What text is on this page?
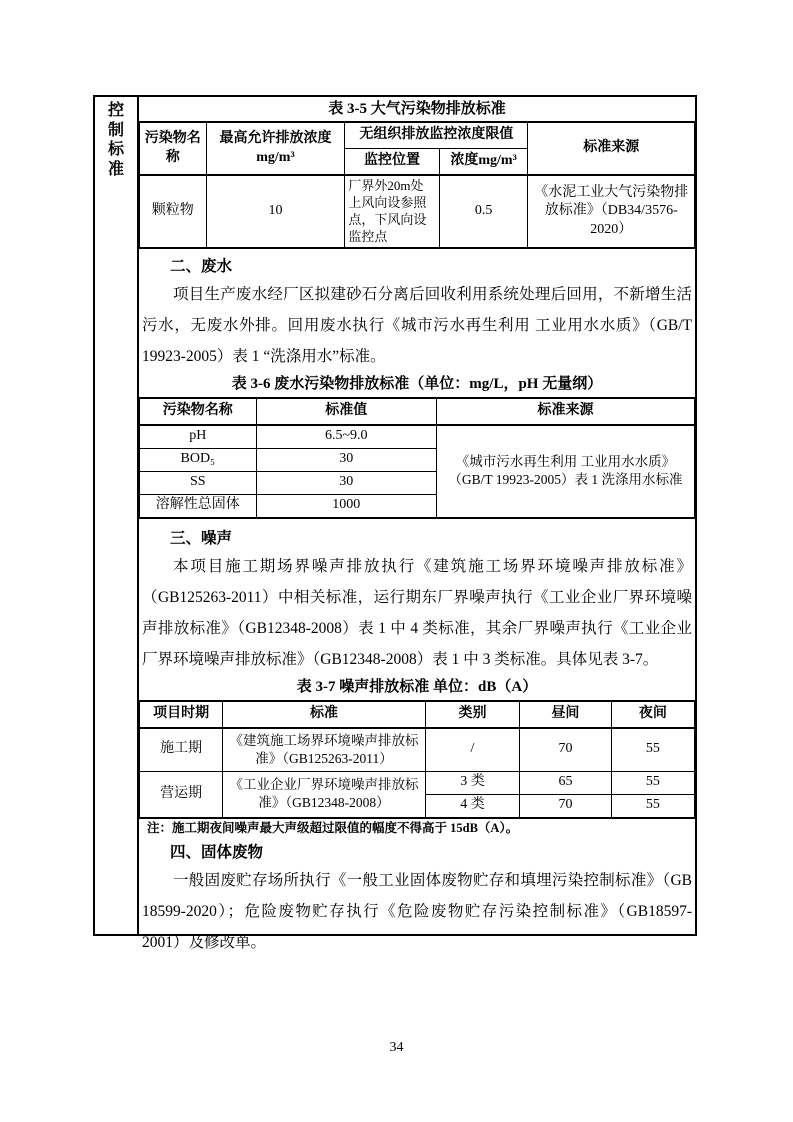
控制标准
表 3-5 大气污染物排放标准
污染物名称	最高允许排放浓度mg/m³	无组织排放监控浓度限值		标准来源
		监控位置	浓度mg/m³	
颗粒物	10	厂界外20m处上风向设参照点，下风向设监控点	0.5	《水泥工业大气污染物排放标准》（DB34/3576-2020）
二、废水

项目生产废水经厂区拟建砂石分离后回收利用系统处理后回用，不新增生活污水，无废水外排。回用废水执行《城市污水再生利用 工业用水水质》（GB/T 19923-2005）表 1 “洗涤用水”标准。

表 3-6 废水污染物排放标准（单位：mg/L，pH 无量纲）
污染物名称	标准值	标准来源
pH	6.5~9.0	《城市污水再生利用 工业用水水质》（GB/T 19923-2005）表 1 洗涤用水标准
BOD₅	30	
SS	30	
溶解性总固体	1000	
三、噪声

本项目施工期场界噪声排放执行《建筑施工场界环境噪声排放标准》（GB125263-2011）中相关标准，运行期东厂界噪声执行《工业企业厂界环境噪声排放标准》（GB12348-2008）表 1 中 4 类标准，其余厂界噪声执行《工业企业厂界环境噪声排放标准》（GB12348-2008）表 1 中 3 类标准。具体见表 3-7。

表 3-7 噪声排放标准 单位：dB（A）
项目时期	标准	类别	昼间	夜间
施工期	《建筑施工场界环境噪声排放标准》（GB125263-2011）	/	70	55
营运期	《工业企业厂界环境噪声排放标准》（GB12348-2008）	3 类	65	55
		4 类	70	55
注：施工期夜间噪声最大声级超过限值的幅度不得高于 15dB（A）。
四、固体废物

一般固废贮存场所执行《一般工业固体废物贮存和填埋污染控制标准》（GB 18599-2020）；危险废物贮存执行《危险废物贮存污染控制标准》（GB18597-2001）及修改单。

34
